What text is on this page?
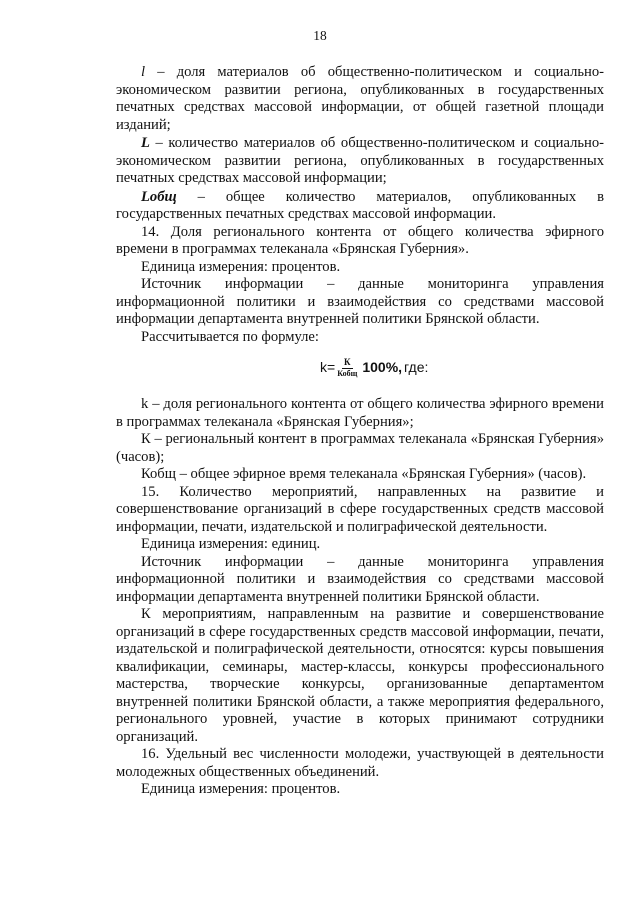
18

l – доля материалов об общественно-политическом и социально-экономическом развитии региона, опубликованных в государственных печатных средствах массовой информации, от общей газетной площади изданий;

L – количество материалов об общественно-политическом и социально-экономическом развитии региона, опубликованных в государственных печатных средствах массовой информации;

Lобщ – общее количество материалов, опубликованных в государственных печатных средствах массовой информации.

14. Доля регионального контента от общего количества эфирного времени в программах телеканала «Брянская Губерния».

Единица измерения: процентов.

Источник информации – данные мониторинга управления информационной политики и взаимодействия со средствами массовой информации департамента внутренней политики Брянской области.

Рассчитывается по формуле:

$k= \frac{К}{\text{Кобщ}} 100\%$, где:

k – доля регионального контента от общего количества эфирного времени в программах телеканала «Брянская Губерния»;

К – региональный контент в программах телеканала «Брянская Губерния» (часов);

Кобщ – общее эфирное время телеканала «Брянская Губерния» (часов).

15. Количество мероприятий, направленных на развитие и совершенствование организаций в сфере государственных средств массовой информации, печати, издательской и полиграфической деятельности.

Единица измерения: единиц.

Источник информации – данные мониторинга управления информационной политики и взаимодействия со средствами массовой информации департамента внутренней политики Брянской области.

К мероприятиям, направленным на развитие и совершенствование организаций в сфере государственных средств массовой информации, печати, издательской и полиграфической деятельности, относятся: курсы повышения квалификации, семинары, мастер-классы, конкурсы профессионального мастерства, творческие конкурсы, организованные департаментом внутренней политики Брянской области, а также мероприятия федерального, регионального уровней, участие в которых принимают сотрудники организаций.

16. Удельный вес численности молодежи, участвующей в деятельности молодежных общественных объединений.

Единица измерения: процентов.
